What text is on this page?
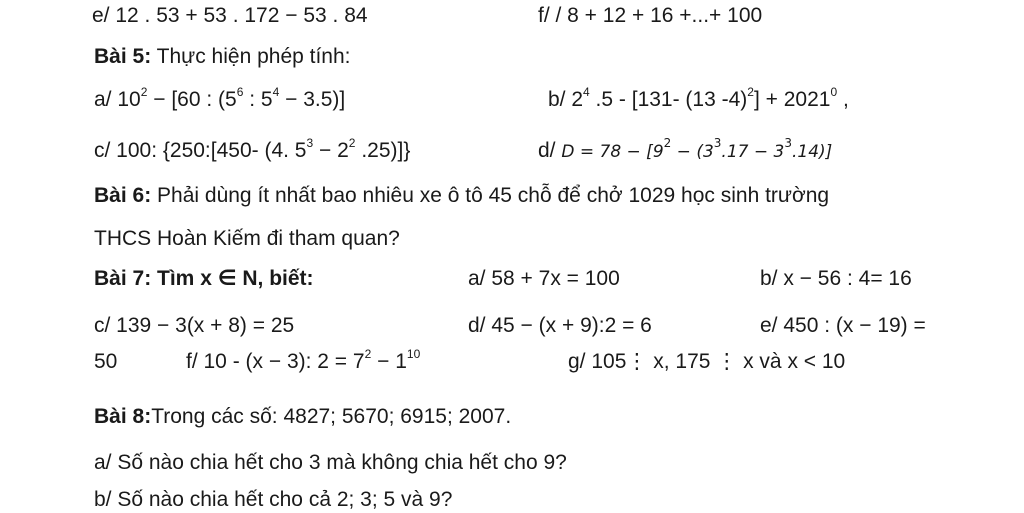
e/ 12 . 53 + 53 . 172 − 53 . 84	f/ / 8 + 12 + 16 +...+ 100
Bài 5: Thực hiện phép tính:
a/ $10^2 - [60$ : ($5^6$ : $5^4 - 3.5$)]	b/ $2^4$ .5 - [131- (13 $-4)^2] + 2021^0$ ,
c/ 100: {250:[450- (4. $5^3 - 2^2$ .25)]}	d/ $D = 78 - [9^2 - (3^3.17 - 3^3.14)]$
Bài 6: Phải dùng ít nhất bao nhiêu xe ô tô 45 chỗ để chở 1029 học sinh trường
THCS Hoàn Kiếm đi tham quan?
Bài 7: Tìm x ∈ N, biết:	a/ 58 + 7x = 100	b/ x − 56 : 4= 16
c/ 139 − 3(x + 8) = 25	d/ 45 − (x + 9):2 = 6	e/ 450 : (x − 19) =
50	f/ 10 - (x − 3): $2 = 7^2 - 1^{10}$	g/ 105⋮ x, 175 ⋮ x và x < 10
Bài 8:Trong các số: 4827; 5670; 6915; 2007.
a/ Số nào chia hết cho 3 mà không chia hết cho 9?
b/ Số nào chia hết cho cả 2; 3; 5 và 9?
